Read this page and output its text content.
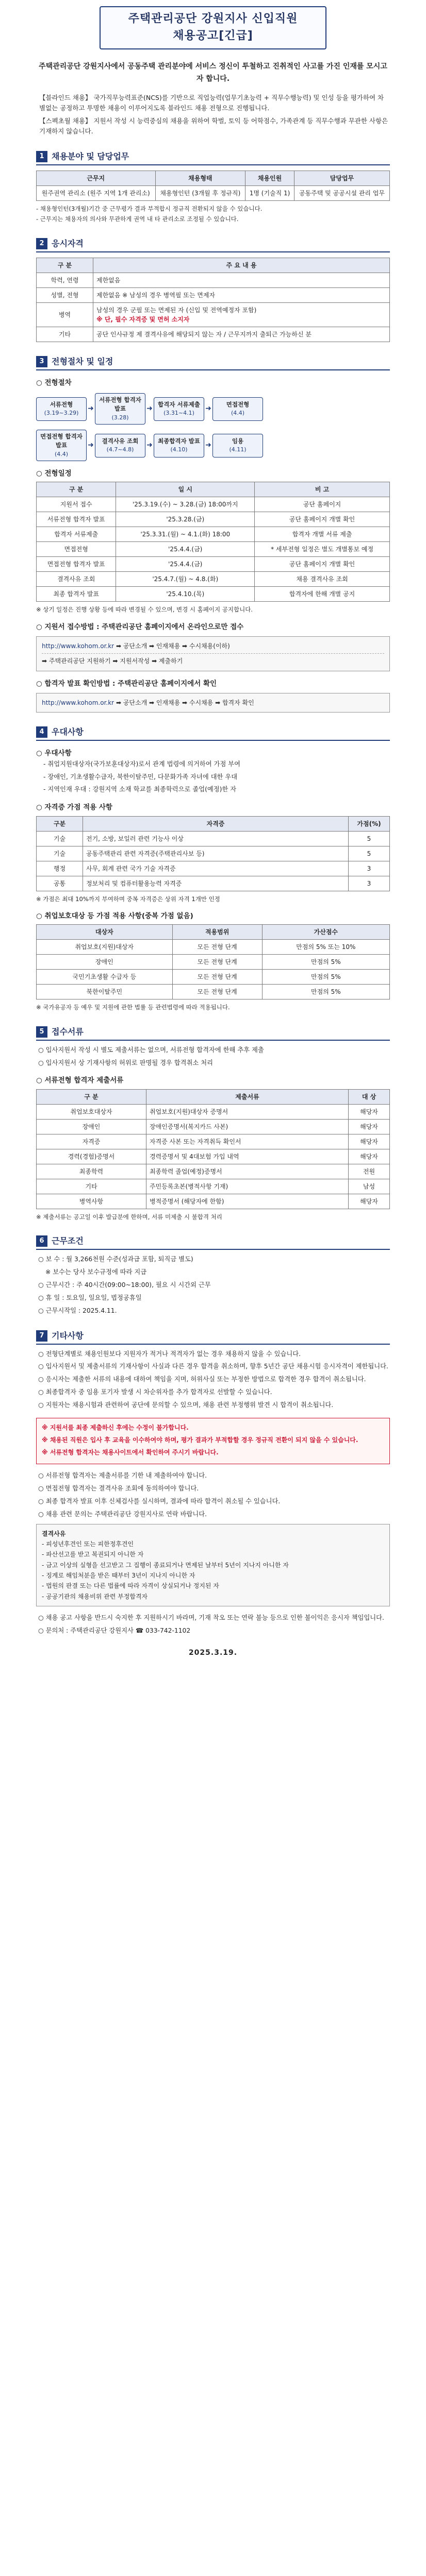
주택관리공단 강원지사 신입직원
채용공고[긴급]
주택관리공단 강원지사에서 공동주택 관리분야에 서비스 정신이 투철하고 진취적인 사고를 가진 인재를 모시고자 합니다.

【블라인드 채용】 국가직무능력표준(NCS)를 기반으로 직업능력(업무기초능력 + 직무수행능력) 및 인성 등을 평가하여 차별없는 공정하고 투명한 채용이 이루어지도록 블라인드 채용 전형으로 진행됩니다.

【스펙초월 채용】 지원서 작성 시 능력중심의 채용을 위하여 학벌, 토익 등 어학점수, 가족관계 등 직무수행과 무관한 사항은 기재하지 않습니다.

1 채용분야 및 담당업무
근무지	채용형태	채용인원	담당업무
원주권역 관리소 (원주 지역 1개 관리소)	채용형인턴 (3개월 후 정규직)	1명 (기술직 1)	공동주택 및 공공시설 관리 업무

- 채용형인턴(3개월)기간 중 근무평가 결과 부적합시 정규직 전환되지 않을 수 있습니다.

- 근무지는 채용자의 의사와 무관하게 권역 내 타 관리소로 조정될 수 있습니다.

2 응시자격
구 분	주 요 내 용
학력, 연령	제한없음
성별, 전형	제한없음 ※ 남성의 경우 병역필 또는 면제자
병역	남성의 경우 군필 또는 면제된 자 (신입 및 전역예정자 포함)
※ 단, 필수 자격증 및 면허 소지자
기타	공단 인사규정 제 결격사유에 해당되지 않는 자 / 근무지까지 출퇴근 가능하신 분
3 전형절차 및 일정
○ 전형절차
서류전형
(3.19~3.29)
➜
서류전형 합격자 발표
(3.28)
➜
합격자 서류제출
(3.31~4.1)
➜
면접전형
(4.4)
면접전형 합격자 발표
(4.4)
➜
결격사유 조회
(4.7~4.8)
➜
최종합격자 발표
(4.10)
➜
임용
(4.11)
○ 전형일정
구 분	일 시	비 고
지원서 접수	'25.3.19.(수) ~ 3.28.(금) 18:00까지	공단 홈페이지
서류전형 합격자 발표	'25.3.28.(금)	공단 홈페이지 개별 확인
합격자 서류제출	'25.3.31.(월) ~ 4.1.(화) 18:00	합격자 개별 서류 제출
면접전형	'25.4.4.(금)	* 세부전형 일정은 별도 개별통보 예정
면접전형 합격자 발표	'25.4.4.(금)	공단 홈페이지 개별 확인
결격사유 조회	'25.4.7.(월) ~ 4.8.(화)	채용 결격사유 조회
최종 합격자 발표	'25.4.10.(목)	합격자에 한해 개별 공지
※ 상기 일정은 진행 상황 등에 따라 변경될 수 있으며, 변경 시 홈페이지 공지합니다.
○ 지원서 접수방법 : 주택관리공단 홈페이지에서 온라인으로만 접수
http://www.kohom.or.kr ➡ 공단소개 ➡ 인재채용 ➡ 수시채용(이하)
➡ 주택관리공단 지원하기 ➡ 지원서작성 ➡ 제출하기
○ 합격자 발표 확인방법 : 주택관리공단 홈페이지에서 확인
http://www.kohom.or.kr ➡ 공단소개 ➡ 인재채용 ➡ 수시채용 ➡ 합격자 확인
4 우대사항
○ 우대사항

- 취업지원대상자(국가보훈대상자)로서 관계 법령에 의거하여 가점 부여

- 장애인, 기초생활수급자, 북한이탈주민, 다문화가족 자녀에 대한 우대

- 지역인재 우대 : 강원지역 소재 학교를 최종학력으로 졸업(예정)한 자

○ 자격증 가점 적용 사항
구분	자격증	가점(%)
기술	전기, 소방, 보일러 관련 기능사 이상	5
기술	공동주택관리 관련 자격증(주택관리사보 등)	5
행정	사무, 회계 관련 국가 기술 자격증	3
공통	정보처리 및 컴퓨터활용능력 자격증	3
※ 가점은 최대 10%까지 부여하며 중복 자격증은 상위 자격 1개만 인정
○ 취업보호대상 등 가점 적용 사항(중복 가점 없음)
대상자	적용범위	가산점수
취업보호(지원)대상자	모든 전형 단계	만점의 5% 또는 10%
장애인	모든 전형 단계	만점의 5%
국민기초생활 수급자 등	모든 전형 단계	만점의 5%
북한이탈주민	모든 전형 단계	만점의 5%
※ 국가유공자 등 예우 및 지원에 관한 법률 등 관련법령에 따라 적용됩니다.
5 접수서류

○ 입사지원서 작성 시 별도 제출서류는 없으며, 서류전형 합격자에 한해 추후 제출

○ 입사지원서 상 기재사항의 허위로 판명될 경우 합격취소 처리

○ 서류전형 합격자 제출서류
구 분	제출서류	대 상
취업보호대상자	취업보호(지원)대상자 증명서	해당자
장애인	장애인증명서(복지카드 사본)	해당자
자격증	자격증 사본 또는 자격취득 확인서	해당자
경력(경험)증명서	경력증명서 및 4대보험 가입 내역	해당자
최종학력	최종학력 졸업(예정)증명서	전원
기타	주민등록초본(병적사항 기재)	남성
병역사항	병적증명서 (해당자에 한함)	해당자
※ 제출서류는 공고일 이후 발급분에 한하며, 서류 미제출 시 불합격 처리
6 근무조건

○ 보 수 : 월 3,266천원 수준(성과급 포함, 퇴직금 별도)

※ 보수는 당사 보수규정에 따라 지급

○ 근무시간 : 주 40시간(09:00~18:00), 필요 시 시간외 근무

○ 휴 일 : 토요일, 일요일, 법정공휴일

○ 근무시작일 : 2025.4.11.

7 기타사항

○ 전형단계별로 채용인원보다 지원자가 적거나 적격자가 없는 경우 채용하지 않을 수 있습니다.

○ 입사지원서 및 제출서류의 기재사항이 사실과 다른 경우 합격을 취소하며, 향후 5년간 공단 채용시험 응시자격이 제한됩니다.

○ 응시자는 제출한 서류의 내용에 대하여 책임을 지며, 허위사실 또는 부정한 방법으로 합격한 경우 합격이 취소됩니다.

○ 최종합격자 중 임용 포기자 발생 시 차순위자를 추가 합격자로 선발할 수 있습니다.

○ 지원자는 채용시험과 관련하여 공단에 문의할 수 있으며, 채용 관련 부정행위 발견 시 합격이 취소됩니다.

※ 지원서를 최종 제출하신 후에는 수정이 불가합니다.

※ 채용된 직원은 입사 후 교육을 이수하여야 하며, 평가 결과가 부적합할 경우 정규직 전환이 되지 않을 수 있습니다.

※ 서류전형 합격자는 채용사이트에서 확인하여 주시기 바랍니다.

○ 서류전형 합격자는 제출서류를 기한 내 제출하여야 합니다.

○ 면접전형 합격자는 결격사유 조회에 동의하여야 합니다.

○ 최종 합격자 발표 이후 신체검사를 실시하며, 결과에 따라 합격이 취소될 수 있습니다.

○ 채용 관련 문의는 주택관리공단 강원지사로 연락 바랍니다.

결격사유
- 피성년후견인 또는 피한정후견인
- 파산선고를 받고 복권되지 아니한 자
- 금고 이상의 실형을 선고받고 그 집행이 종료되거나 면제된 날부터 5년이 지나지 아니한 자
- 징계로 해임처분을 받은 때부터 3년이 지나지 아니한 자
- 법원의 판결 또는 다른 법률에 따라 자격이 상실되거나 정지된 자
- 공공기관의 채용비위 관련 부정합격자

○ 채용 공고 사항을 반드시 숙지한 후 지원하시기 바라며, 기재 착오 또는 연락 불능 등으로 인한 불이익은 응시자 책임입니다.

○ 문의처 : 주택관리공단 강원지사 ☎ 033-742-1102

2025.3.19.
